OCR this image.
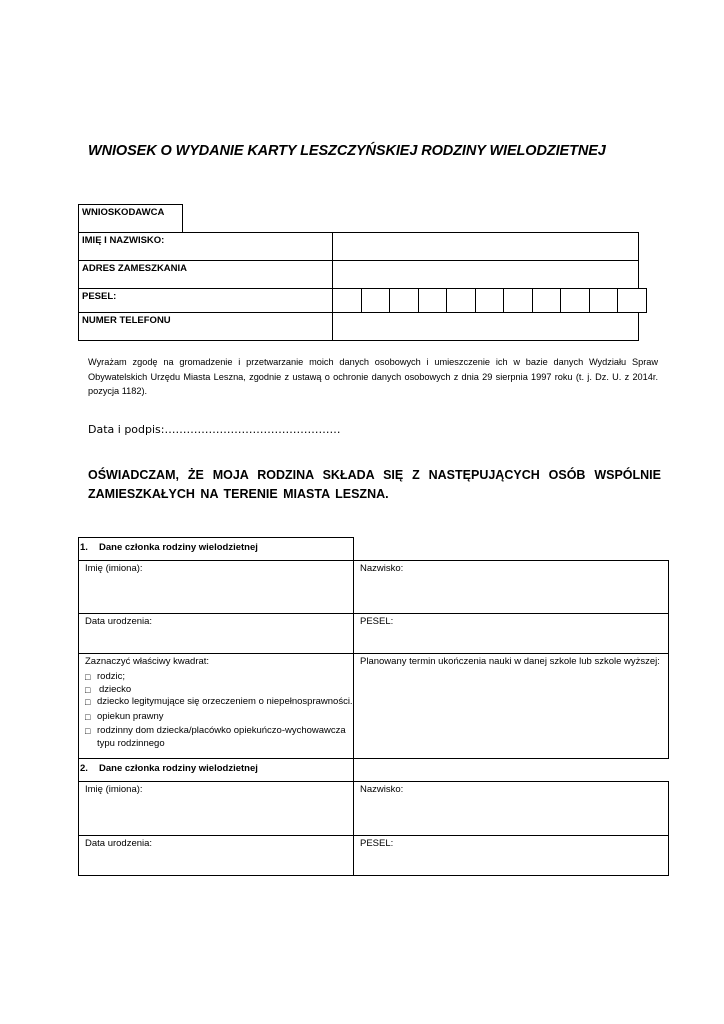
WNIOSEK O WYDANIE KARTY LESZCZYŃSKIEJ RODZINY WIELODZIETNEJ
WNIOSKODAWCA
IMIĘ I NAZWISKO:
ADRES ZAMESZKANIA
PESEL:
NUMER TELEFONU
Wyrażam zgodę na gromadzenie i przetwarzanie moich danych osobowych i umieszczenie ich w bazie danych Wydziału Spraw Obywatelskich Urzędu Miasta Leszna, zgodnie z ustawą o ochronie danych osobowych z dnia 29 sierpnia 1997 roku (t. j. Dz. U. z 2014r. pozycja 1182).
Data i podpis:…………………………………………
OŚWIADCZAM, ŻE MOJA RODZINA SKŁADA SIĘ Z NASTĘPUJĄCYCH OSÓB WSPÓLNIE ZAMIESZKAŁYCH NA TERENIE MIASTA LESZNA.
1. Dane członka rodziny wielodzietnej
Imię (imiona):	Nazwisko:
Data urodzenia:	PESEL:
Zaznaczyć właściwy kwadrat:
□ rodzic;
□ dziecko
□ dziecko legitymujące się orzeczeniem o niepełnosprawności.
□ opiekun prawny
□ rodzinny dom dziecka/placówko opiekuńczo-wychowawcza typu rodzinnego
Planowany termin ukończenia nauki w danej szkole lub szkole wyższej:
2. Dane członka rodziny wielodzietnej
Imię (imiona):	Nazwisko:
Data urodzenia:	PESEL:
